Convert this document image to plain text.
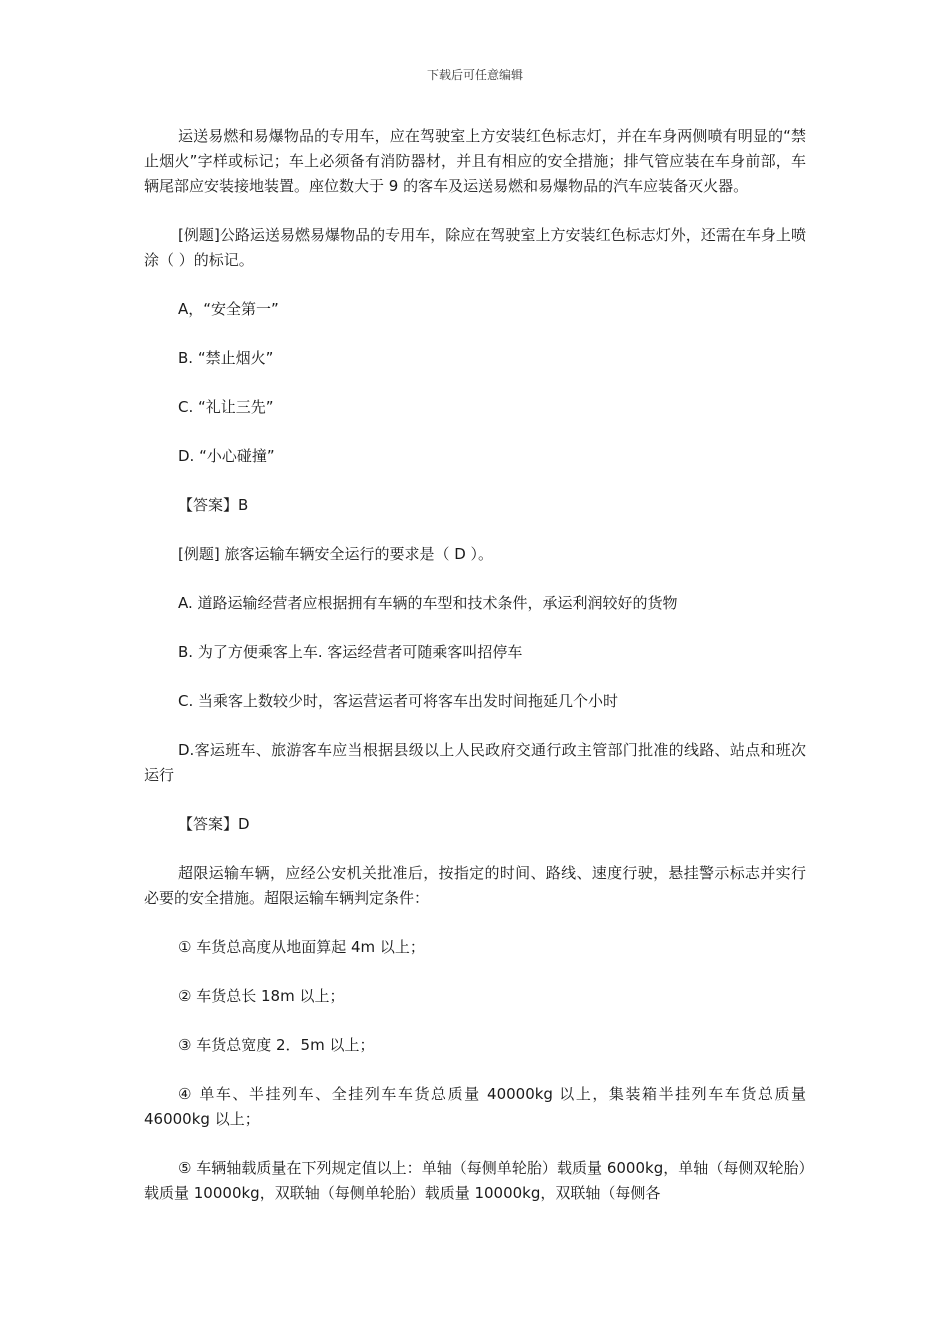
下载后可任意编辑

运送易燃和易爆物品的专用车，应在驾驶室上方安装红色标志灯，并在车身两侧喷有明显的“禁止烟火”字样或标记；车上必须备有消防器材，并且有相应的安全措施；排气管应装在车身前部，车辆尾部应安装接地装置。座位数大于 9 的客车及运送易燃和易爆物品的汽车应装备灭火器。

[例题]公路运送易燃易爆物品的专用车，除应在驾驶室上方安装红色标志灯外，还需在车身上喷涂（ ）的标记。

A，“安全第一”

B. “禁止烟火”

C. “礼让三先”

D. “小心碰撞”

【答案】B

[例题] 旅客运输车辆安全运行的要求是（ D ）。

A. 道路运输经营者应根据拥有车辆的车型和技术条件，承运利润较好的货物

B. 为了方便乘客上车. 客运经营者可随乘客叫招停车

C. 当乘客上数较少时，客运营运者可将客车出发时间拖延几个小时

D.客运班车、旅游客车应当根据县级以上人民政府交通行政主管部门批准的线路、站点和班次运行

【答案】D

超限运输车辆，应经公安机关批准后，按指定的时间、路线、速度行驶，悬挂警示标志并实行必要的安全措施。超限运输车辆判定条件：

① 车货总高度从地面算起 4m 以上；

② 车货总长 18m 以上；

③ 车货总宽度 2．5m 以上；

④ 单车、半挂列车、全挂列车车货总质量 40000kg 以上，集装箱半挂列车车货总质量 46000kg 以上；

⑤ 车辆轴载质量在下列规定值以上：单轴（每侧单轮胎）载质量 6000kg，单轴（每侧双轮胎）载质量 10000kg，双联轴（每侧单轮胎）载质量 10000kg，双联轴（每侧各
